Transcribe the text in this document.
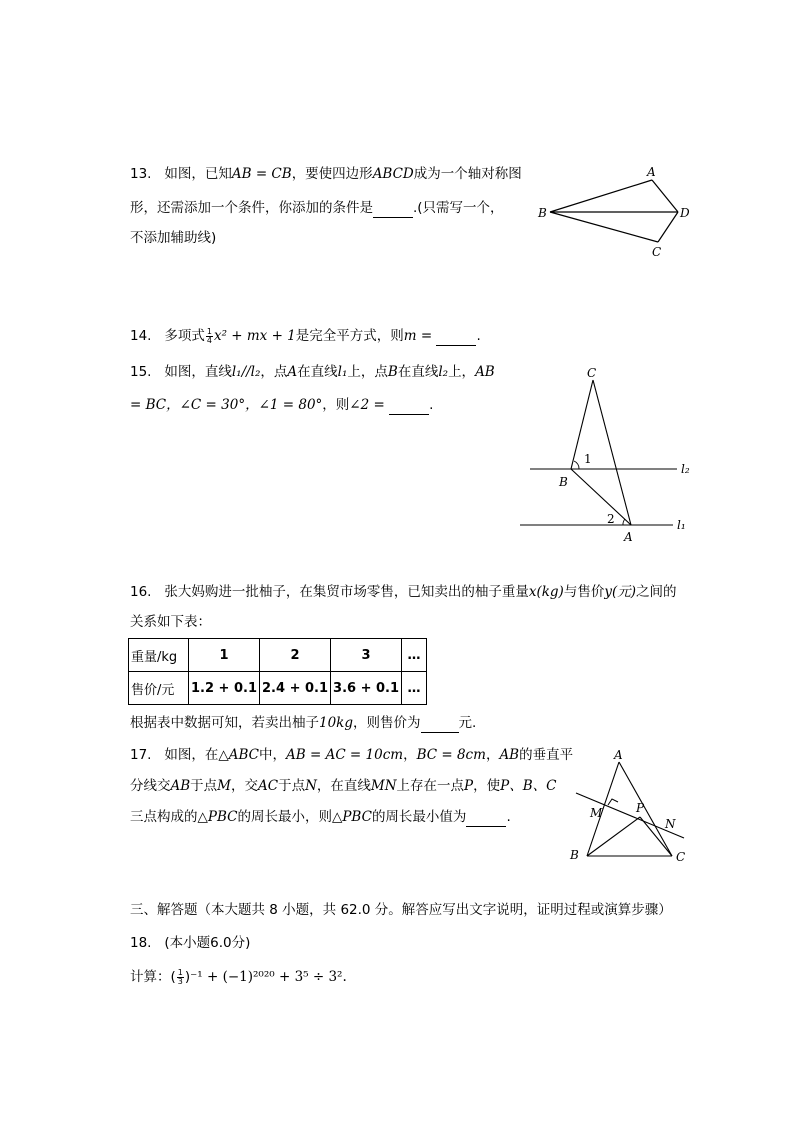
13. 如图，已知AB = CB，要使四边形ABCD成为一个轴对称图
形，还需添加一个条件，你添加的条件是	.(只需写一个，
不添加辅助线)
A
B	D
C
14. 多项式 $\frac{1}{4} x^2$ + mx + 1是完全平方式，则m =	.
15. 如图，直线l₁//l₂，点A在直线l₁上，点B在直线l₂上，AB
= BC，∠C = 30°，∠1 = 80°，则∠2 =	.
C
1
l₂
B
2	l₁
A
16. 张大妈购进一批柚子，在集贸市场零售，已知卖出的柚子重量x(kg)与售价y(元)之间的
关系如下表：
重量/kg	1	2	3	…
售价/元	1.2 + 0.1	2.4 + 0.1	3.6 + 0.1	…
根据表中数据可知，若卖出柚子10kg，则售价为	元.
17. 如图，在△ABC中，AB = AC = 10cm，BC = 8cm，AB的垂直平
分线交AB于点M，交AC于点N，在直线MN上存在一点P，使P、B、C
三点构成的△PBC的周长最小，则△PBC的周长最小值为	.
A
M	P
N
B	C
三、解答题（本大题共 8 小题，共 62.0 分。解答应写出文字说明，证明过程或演算步骤）
18. (本小题6.0分)
计算：( $\frac{1}{3} )^{-1} + (-1)^{2020} + 3^5 \div 3^2$.
